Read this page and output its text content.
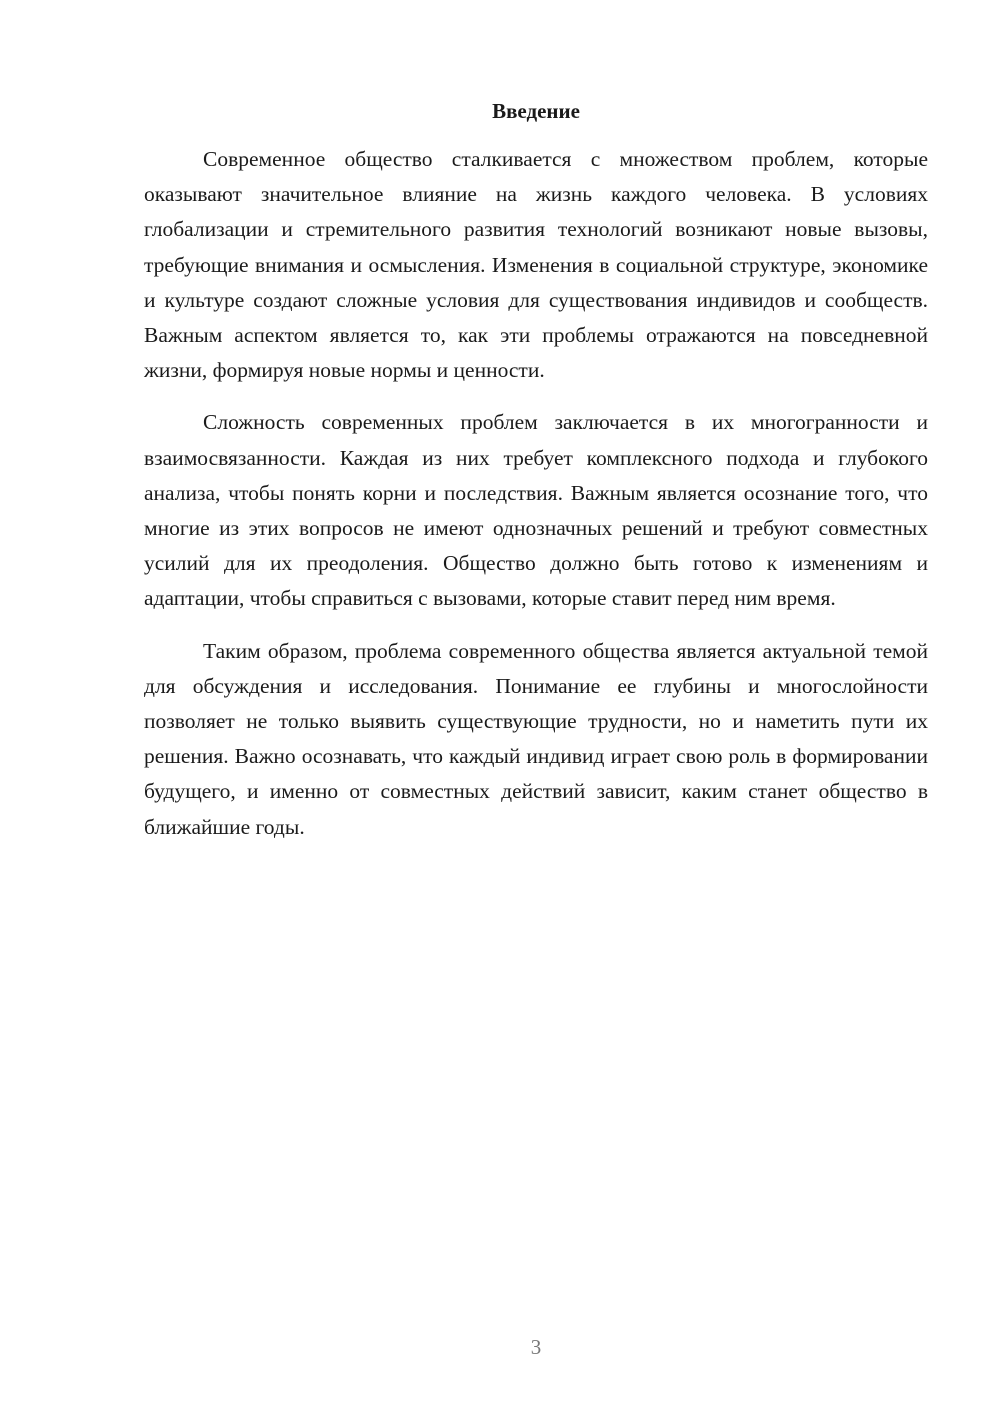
Введение

Современное общество сталкивается с множеством проблем, которые оказывают значительное влияние на жизнь каждого человека. В условиях глобализации и стремительного развития технологий возникают новые вызовы, требующие внимания и осмысления. Изменения в социальной структуре, экономике и культуре создают сложные условия для существования индивидов и сообществ. Важным аспектом является то, как эти проблемы отражаются на повседневной жизни, формируя новые нормы и ценности.

Сложность современных проблем заключается в их многогранности и взаимосвязанности. Каждая из них требует комплексного подхода и глубокого анализа, чтобы понять корни и последствия. Важным является осознание того, что многие из этих вопросов не имеют однозначных решений и требуют совместных усилий для их преодоления. Общество должно быть готово к изменениям и адаптации, чтобы справиться с вызовами, которые ставит перед ним время.

Таким образом, проблема современного общества является актуальной темой для обсуждения и исследования. Понимание ее глубины и многослойности позволяет не только выявить существующие трудности, но и наметить пути их решения. Важно осознавать, что каждый индивид играет свою роль в формировании будущего, и именно от совместных действий зависит, каким станет общество в ближайшие годы.

3
